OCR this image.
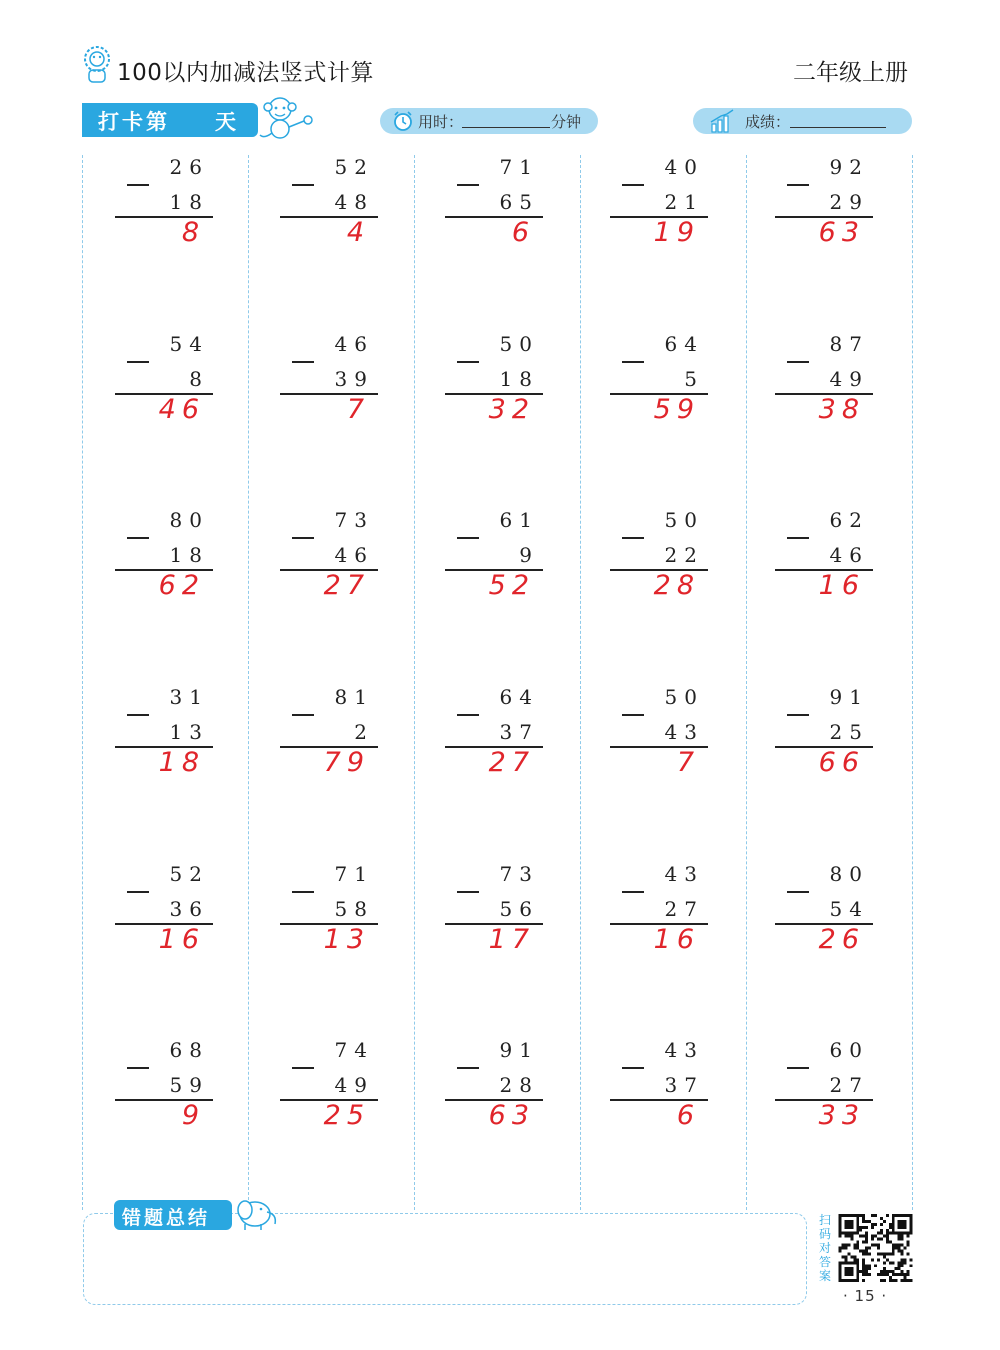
100以内加减法竖式计算	二年级上册
打卡第 天	用时：	分钟	成绩：
26
18
8
52
48
4
71
65
6
40
21
19
92
29
63
54
8
46
46
39
7
50
18
32
64
5
59
87
49
38
80
18
62
73
46
27
61
9
52
50
22
28
62
46
16
31
13
18
81
2
79
64
37
27
50
43
7
91
25
66
52
36
16
71
58
13
73
56
17
43
27
16
80
54
26
68
59
9
74
49
25
91
28
63
43
37
6
60
27
33
错题总结	扫码对答案
· 15 ·
